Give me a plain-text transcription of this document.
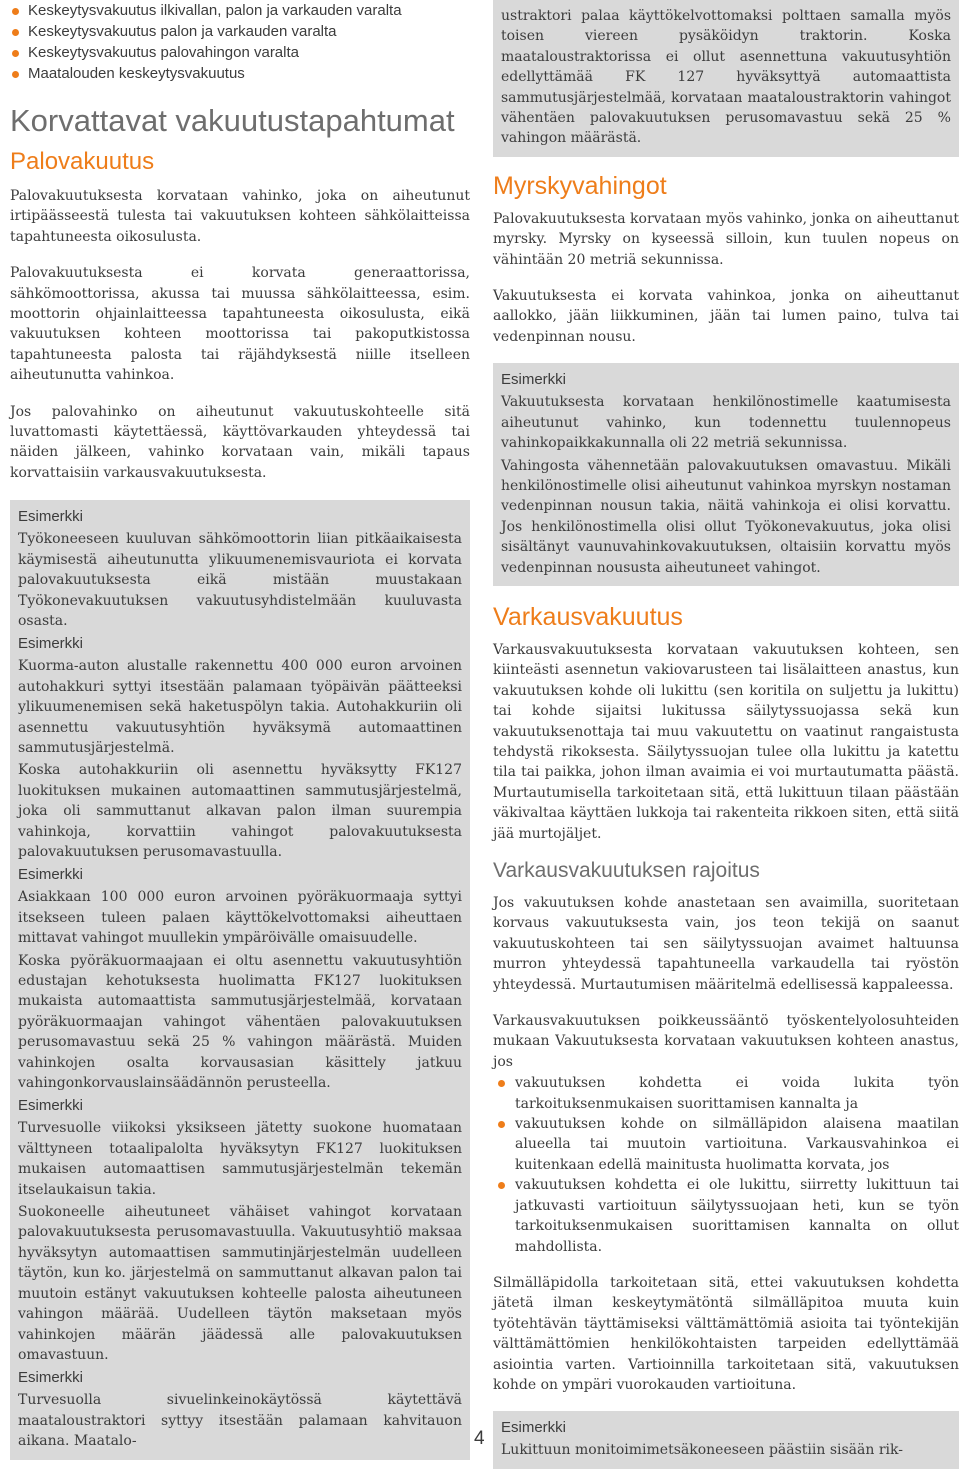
Keskeytysvakuutus ilkivallan, palon ja varkauden varalta
Keskeytysvakuutus palon ja varkauden varalta
Keskeytysvakuutus palovahingon varalta
Maatalouden keskeytysvakuutus
Korvattavat vakuutustapahtumat
Palovakuutus

Palovakuutuksesta korvataan vahinko, joka on aiheutunut irtipäässeestä tulesta tai vakuutuksen kohteen sähkölaitteissa tapahtuneesta oikosulusta.

Palovakuutuksesta ei korvata generaattorissa, sähkömoottorissa, akussa tai muussa sähkölaitteessa, esim. moottorin ohjainlaitteessa tapahtuneesta oikosulusta, eikä vakuutuksen kohteen moottorissa tai pakoputkistossa tapahtuneesta palosta tai räjähdyksestä niille itselleen aiheutunutta vahinkoa.

Jos palovahinko on aiheutunut vakuutuskohteelle sitä luvattomasti käytettäessä, käyttövarkauden yhteydessä tai näiden jälkeen, vahinko korvataan vain, mikäli tapaus korvattaisiin varkausvakuutuksesta.

Esimerkki

Työkoneeseen kuuluvan sähkömoottorin liian pitkäaikaisesta käymisestä aiheutunutta ylikuumenemisvauriota ei korvata palovakuutuksesta eikä mistään muustakaan Työkonevakuutuksen vakuutusyhdistelmään kuuluvasta osasta.

Esimerkki

Kuorma-auton alustalle rakennettu 400 000 euron arvoinen autohakkuri syttyi itsestään palamaan työpäivän päätteeksi ylikuumenemisen sekä haketuspölyn takia. Autohakkuriin oli asennettu vakuutusyhtiön hyväksymä automaattinen sammutusjärjestelmä.

Koska autohakkuriin oli asennettu hyväksytty FK127 luokituksen mukainen automaattinen sammutusjärjestelmä, joka oli sammuttanut alkavan palon ilman suurempia vahinkoja, korvattiin vahingot palovakuutuksesta palovakuutuksen perusomavastuulla.

Esimerkki

Asiakkaan 100 000 euron arvoinen pyöräkuormaaja syttyi itsekseen tuleen palaen käyttökelvottomaksi aiheuttaen mittavat vahingot muullekin ympäröivälle omaisuudelle.

Koska pyöräkuormaajaan ei oltu asennettu vakuutusyhtiön edustajan kehotuksesta huolimatta FK127 luokituksen mukaista automaattista sammutusjärjestelmää, korvataan pyöräkuormaajan vahingot vähentäen palovakuutuksen perusomavastuu sekä 25 % vahingon määrästä. Muiden vahinkojen osalta korvausasian käsittely jatkuu vahingonkorvauslainsäädännön perusteella.

Esimerkki

Turvesuolle viikoksi yksikseen jätetty suokone huomataan välttyneen totaalipalolta hyväksytyn FK127 luokituksen mukaisen automaattisen sammutusjärjestelmän tekemän itselaukaisun takia.

Suokoneelle aiheutuneet vähäiset vahingot korvataan palovakuutuksesta perusomavastuulla. Vakuutusyhtiö maksaa hyväksytyn automaattisen sammutinjärjestelmän uudelleen täytön, kun ko. järjestelmä on sammuttanut alkavan palon tai muutoin estänyt vakuutuksen kohteelle palosta aiheutuneen vahingon määrää. Uudelleen täytön maksetaan myös vahinkojen määrän jäädessä alle palovakuutuksen omavastuun.

Esimerkki

Turvesuolla sivuelinkeinokäytössä käytettävä maataloustraktori syttyy itsestään palamaan kahvitauon aikana. Maatalo-

ustraktori palaa käyttökelvottomaksi polttaen samalla myös toisen viereen pysäköidyn traktorin. Koska maataloustraktorissa ei ollut asennettuna vakuutusyhtiön edellyttämää FK 127 hyväksyttyä automaattista sammutusjärjestelmää, korvataan maataloustraktorin vahingot vähentäen palovakuutuksen perusomavastuu sekä 25 % vahingon määrästä.

Myrskyvahingot

Palovakuutuksesta korvataan myös vahinko, jonka on aiheuttanut myrsky. Myrsky on kyseessä silloin, kun tuulen nopeus on vähintään 20 metriä sekunnissa.

Vakuutuksesta ei korvata vahinkoa, jonka on aiheuttanut aallokko, jään liikkuminen, jään tai lumen paino, tulva tai vedenpinnan nousu.

Esimerkki

Vakuutuksesta korvataan henkilönostimelle kaatumisesta aiheutunut vahinko, kun todennettu tuulennopeus vahinkopaikkakunnalla oli 22 metriä sekunnissa.

Vahingosta vähennetään palovakuutuksen omavastuu. Mikäli henkilönostimelle olisi aiheutunut vahinkoa myrskyn nostaman vedenpinnan nousun takia, näitä vahinkoja ei olisi korvattu. Jos henkilönostimella olisi ollut Työkonevakuutus, joka olisi sisältänyt vaunuvahinkovakuutuksen, oltaisiin korvattu myös vedenpinnan noususta aiheutuneet vahingot.

Varkausvakuutus

Varkausvakuutuksesta korvataan vakuutuksen kohteen, sen kiinteästi asennetun vakiovarusteen tai lisälaitteen anastus, kun vakuutuksen kohde oli lukittu (sen koritila on suljettu ja lukittu) tai kohde sijaitsi lukitussa säilytyssuojassa sekä kun vakuutuksenottaja tai muu vakuutettu on vaatinut rangaistusta tehdystä rikoksesta. Säilytyssuojan tulee olla lukittu ja katettu tila tai paikka, johon ilman avaimia ei voi murtautumatta päästä. Murtautumisella tarkoitetaan sitä, että lukittuun tilaan päästään väkivaltaa käyttäen lukkoja tai rakenteita rikkoen siten, että siitä jää murtojäljet.

Varkausvakuutuksen rajoitus

Jos vakuutuksen kohde anastetaan sen avaimilla, suoritetaan korvaus vakuutuksesta vain, jos teon tekijä on saanut vakuutuskohteen tai sen säilytyssuojan avaimet haltuunsa murron yhteydessä tapahtuneella varkaudella tai ryöstön yhteydessä. Murtautumisen määritelmä edellisessä kappaleessa.

Varkausvakuutuksen poikkeussääntö työskentelyolosuhteiden mukaan Vakuutuksesta korvataan vakuutuksen kohteen anastus, jos

vakuutuksen kohdetta ei voida lukita työn tarkoituksenmukaisen suorittamisen kannalta ja
vakuutuksen kohde on silmälläpidon alaisena maatilan alueella tai muutoin vartioituna. Varkausvahinkoa ei kuitenkaan edellä mainitusta huolimatta korvata, jos
vakuutuksen kohdetta ei ole lukittu, siirretty lukittuun tai jatkuvasti vartioituun säilytyssuojaan heti, kun se työn tarkoituksenmukaisen suorittamisen kannalta on ollut mahdollista.

Silmälläpidolla tarkoitetaan sitä, ettei vakuutuksen kohdetta jätetä ilman keskeytymätöntä silmälläpitoa muuta kuin työtehtävän täyttämiseksi välttämättömiä asioita tai työntekijän välttämättömien henkilökohtaisten tarpeiden edellyttämää asiointia varten. Vartioinnilla tarkoitetaan sitä, vakuutuksen kohde on ympäri vuorokauden vartioituna.

Esimerkki

Lukittuun monitoimimetsäkoneeseen päästiin sisään rik-

4
